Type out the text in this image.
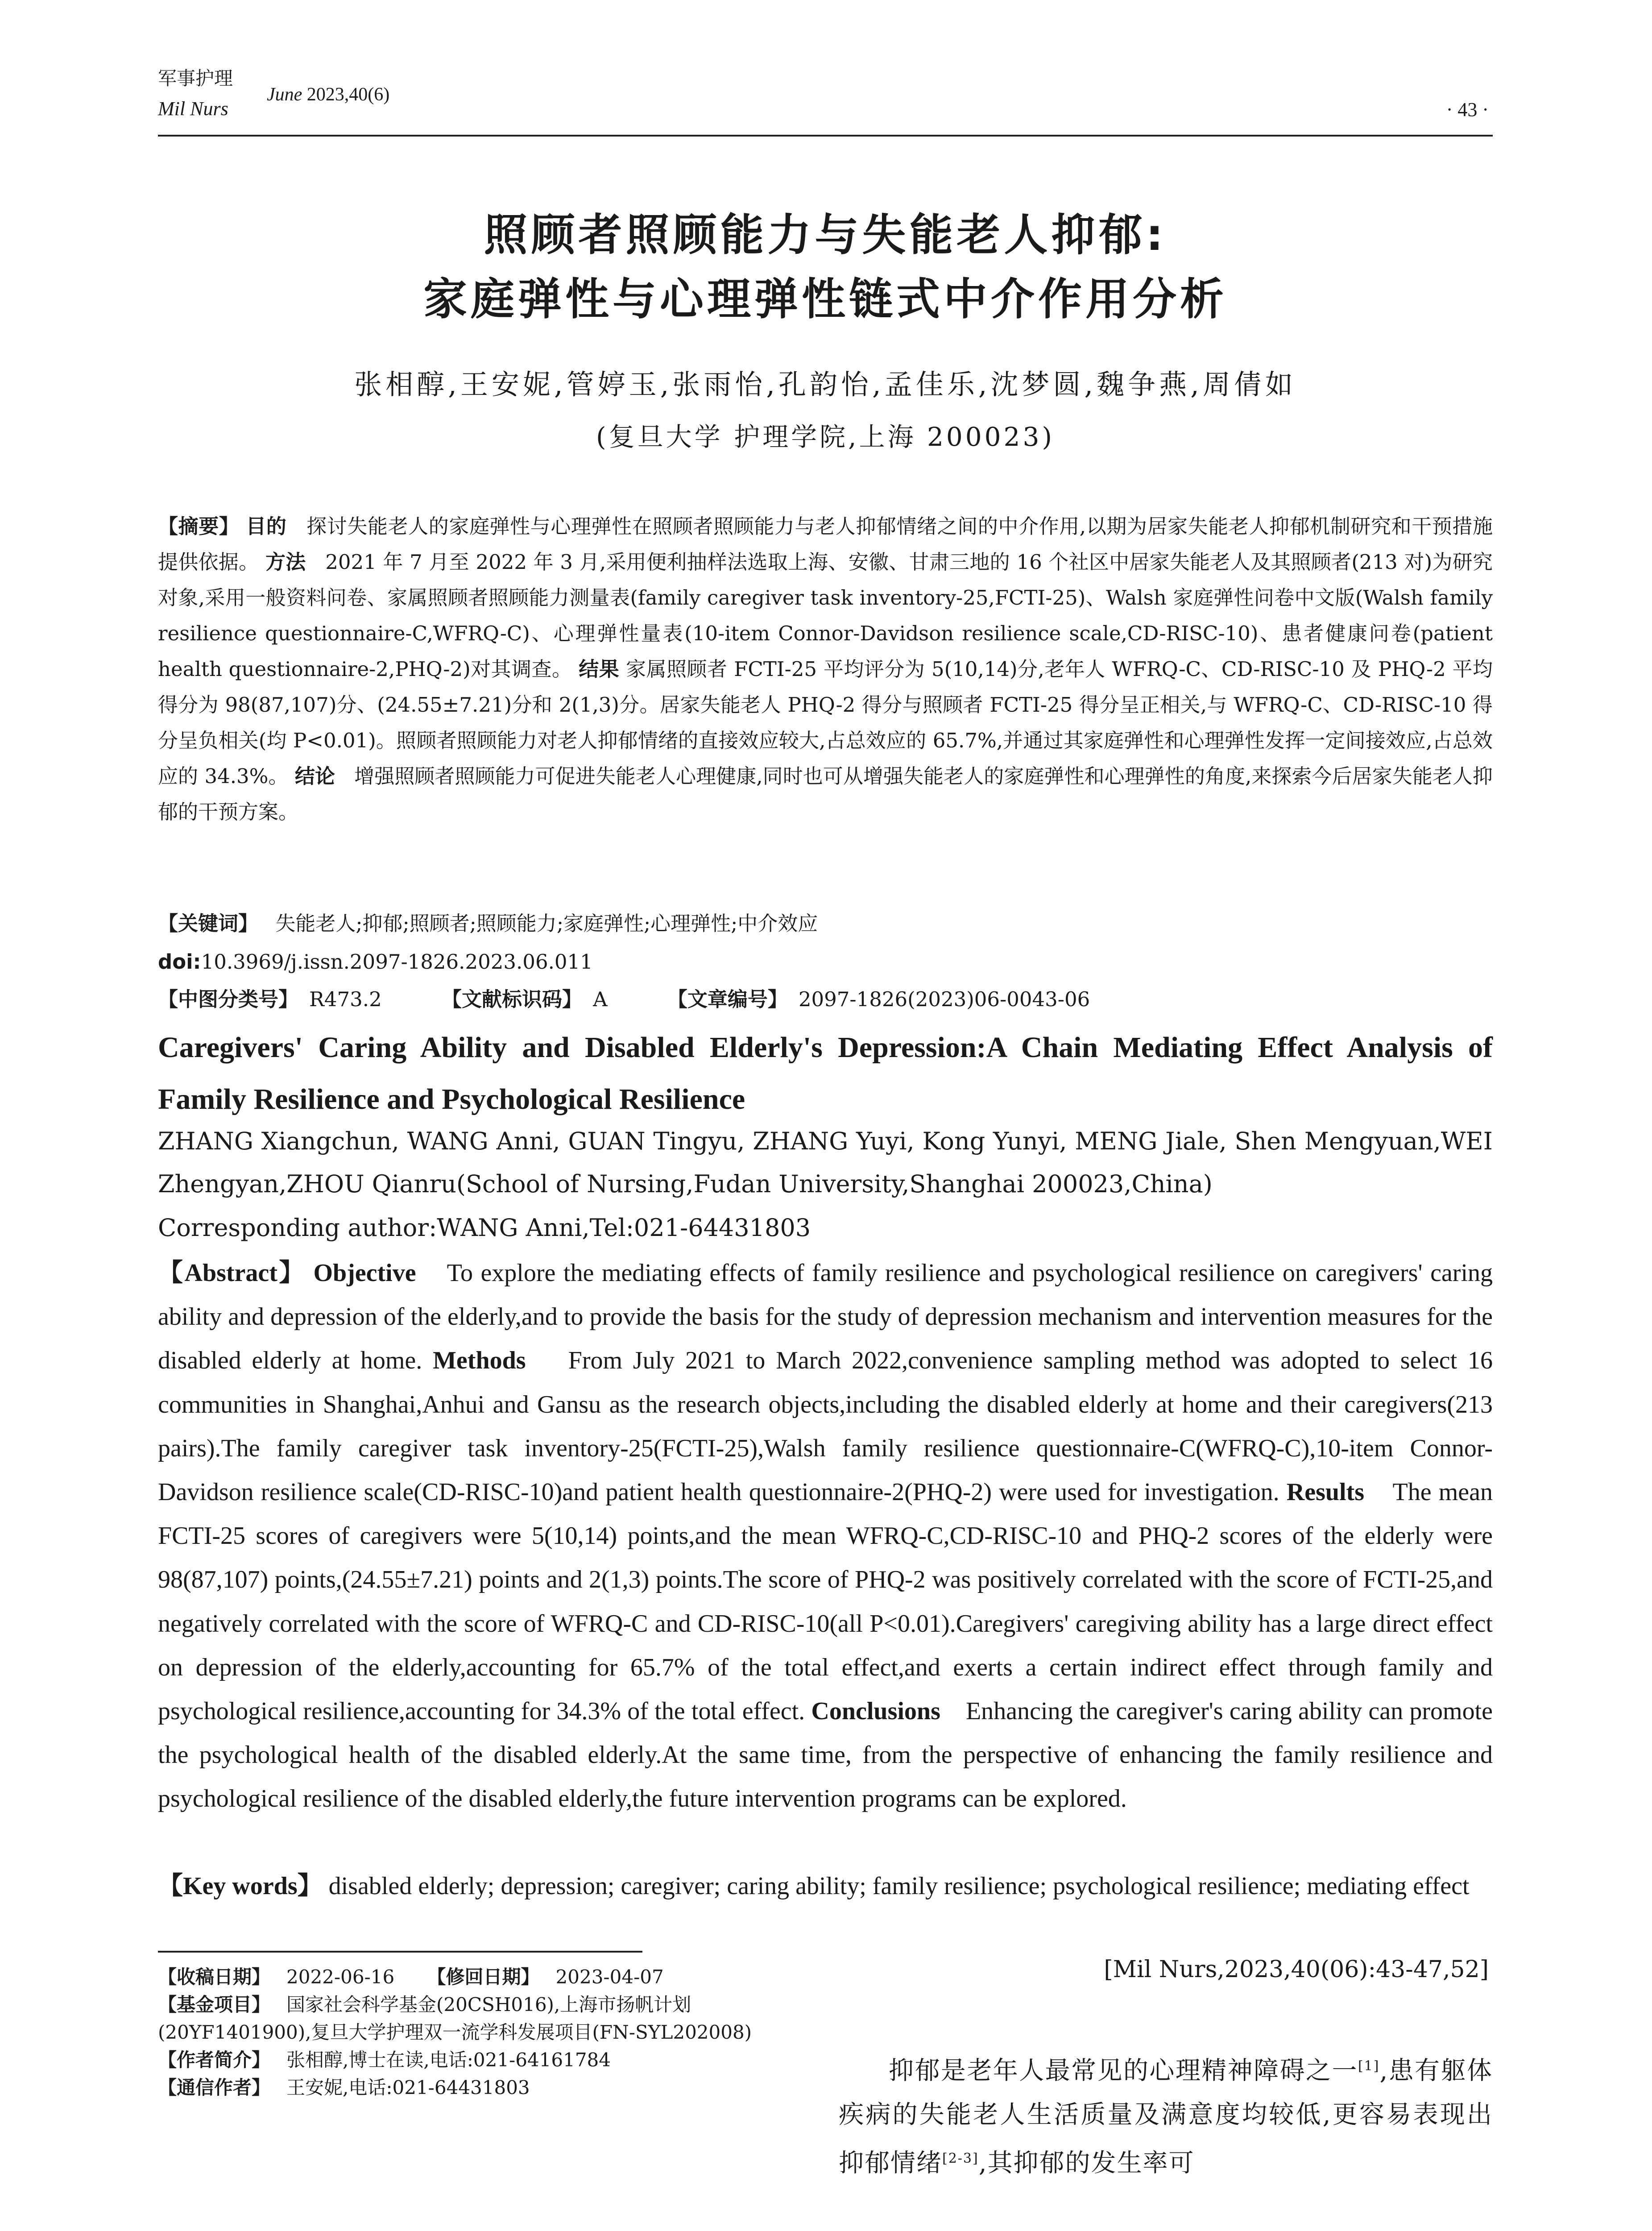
军事护理
Mil Nurs
June 2023,40(6)
· 43 ·
照顾者照顾能力与失能老人抑郁:
家庭弹性与心理弹性链式中介作用分析
张相醇,王安妮,管婷玉,张雨怡,孔韵怡,孟佳乐,沈梦圆,魏争燕,周倩如
(复旦大学 护理学院,上海 200023)
【摘要】 目的 探讨失能老人的家庭弹性与心理弹性在照顾者照顾能力与老人抑郁情绪之间的中介作用,以期为居家失能老人抑郁机制研究和干预措施提供依据。 方法 2021 年 7 月至 2022 年 3 月,采用便利抽样法选取上海、安徽、甘肃三地的 16 个社区中居家失能老人及其照顾者(213 对)为研究对象,采用一般资料问卷、家属照顾者照顾能力测量表(family caregiver task inventory-25,FCTI-25)、Walsh 家庭弹性问卷中文版(Walsh family resilience questionnaire-C,WFRQ-C)、心理弹性量表(10-item Connor-Davidson resilience scale,CD-RISC-10)、患者健康问卷(patient health questionnaire-2,PHQ-2)对其调查。 结果 家属照顾者 FCTI-25 平均评分为 5(10,14)分,老年人 WFRQ-C、CD-RISC-10 及 PHQ-2 平均得分为 98(87,107)分、(24.55±7.21)分和 2(1,3)分。居家失能老人 PHQ-2 得分与照顾者 FCTI-25 得分呈正相关,与 WFRQ-C、CD-RISC-10 得分呈负相关(均 P<0.01)。照顾者照顾能力对老人抑郁情绪的直接效应较大,占总效应的 65.7%,并通过其家庭弹性和心理弹性发挥一定间接效应,占总效应的 34.3%。 结论 增强照顾者照顾能力可促进失能老人心理健康,同时也可从增强失能老人的家庭弹性和心理弹性的角度,来探索今后居家失能老人抑郁的干预方案。
【关键词】 失能老人;抑郁;照顾者;照顾能力;家庭弹性;心理弹性;中介效应
doi:10.3969/j.issn.2097-1826.2023.06.011
【中图分类号】 R473.2	【文献标识码】 A	【文章编号】 2097-1826(2023)06-0043-06
Caregivers' Caring Ability and Disabled Elderly's Depression:A Chain Mediating Effect Analysis of Family Resilience and Psychological Resilience
ZHANG Xiangchun, WANG Anni, GUAN Tingyu, ZHANG Yuyi, Kong Yunyi, MENG Jiale, Shen Mengyuan,WEI Zhengyan,ZHOU Qianru(School of Nursing,Fudan University,Shanghai 200023,China)
Corresponding author:WANG Anni,Tel:021-64431803
【Abstract】 Objective To explore the mediating effects of family resilience and psychological resilience on caregivers' caring ability and depression of the elderly,and to provide the basis for the study of depression mechanism and intervention measures for the disabled elderly at home. Methods From July 2021 to March 2022,convenience sampling method was adopted to select 16 communities in Shanghai,Anhui and Gansu as the research objects,including the disabled elderly at home and their caregivers(213 pairs).The family caregiver task inventory-25(FCTI-25),Walsh family resilience questionnaire-C(WFRQ-C),10-item Connor-Davidson resilience scale(CD-RISC-10)and patient health questionnaire-2(PHQ-2) were used for investigation. Results The mean FCTI-25 scores of caregivers were 5(10,14) points,and the mean WFRQ-C,CD-RISC-10 and PHQ-2 scores of the elderly were 98(87,107) points,(24.55±7.21) points and 2(1,3) points.The score of PHQ-2 was positively correlated with the score of FCTI-25,and negatively correlated with the score of WFRQ-C and CD-RISC-10(all P<0.01).Caregivers' caregiving ability has a large direct effect on depression of the elderly,accounting for 65.7% of the total effect,and exerts a certain indirect effect through family and psychological resilience,accounting for 34.3% of the total effect. Conclusions Enhancing the caregiver's caring ability can promote the psychological health of the disabled elderly.At the same time, from the perspective of enhancing the family resilience and psychological resilience of the disabled elderly,the future intervention programs can be explored.
【Key words】 disabled elderly; depression; caregiver; caring ability; family resilience; psychological resilience; mediating effect
【收稿日期】 2022-06-16 【修回日期】 2023-04-07
【基金项目】 国家社会科学基金(20CSH016),上海市扬帆计划(20YF1401900),复旦大学护理双一流学科发展项目(FN-SYL202008)
【作者简介】 张相醇,博士在读,电话:021-64161784
【通信作者】 王安妮,电话:021-64431803
[Mil Nurs,2023,40(06):43-47,52]
抑郁是老年人最常见的心理精神障碍之一[1],患有躯体疾病的失能老人生活质量及满意度均较低,更容易表现出抑郁情绪[2-3],其抑郁的发生率可
